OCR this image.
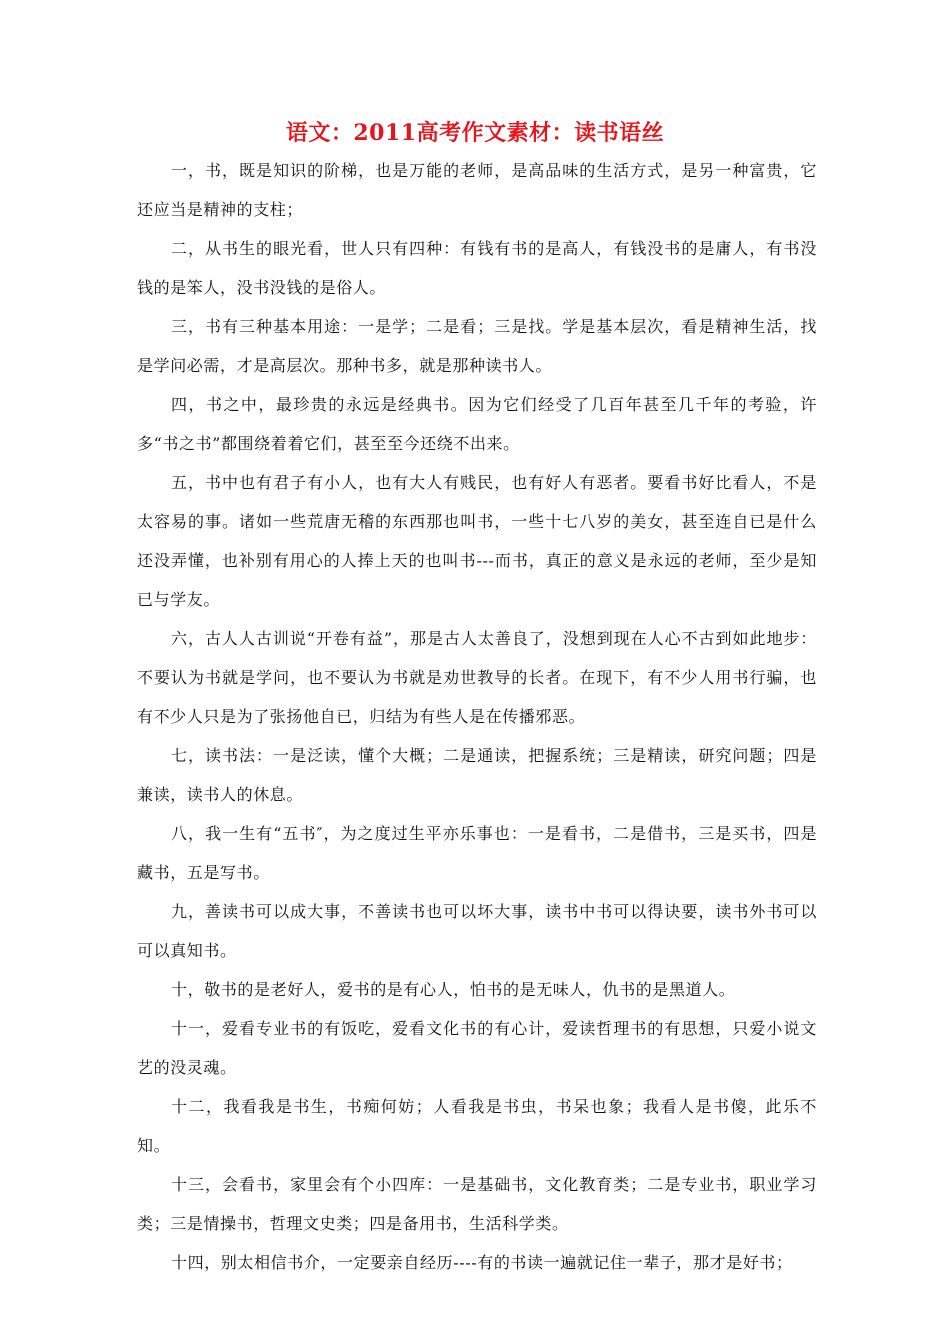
语文：2011高考作文素材：读书语丝

一，书，既是知识的阶梯，也是万能的老师，是高品味的生活方式，是另一种富贵，它还应当是精神的支柱；

二，从书生的眼光看，世人只有四种：有钱有书的是高人，有钱没书的是庸人，有书没钱的是笨人，没书没钱的是俗人。

三，书有三种基本用途：一是学；二是看；三是找。学是基本层次，看是精神生活，找是学问必需，才是高层次。那种书多，就是那种读书人。

四，书之中，最珍贵的永远是经典书。因为它们经受了几百年甚至几千年的考验，许多“书之书”都围绕着着它们，甚至至今还绕不出来。

五，书中也有君子有小人，也有大人有贱民，也有好人有恶者。要看书好比看人，不是太容易的事。诸如一些荒唐无稽的东西那也叫书，一些十七八岁的美女，甚至连自已是什么还没弄懂，也补别有用心的人捧上天的也叫书---而书，真正的意义是永远的老师，至少是知已与学友。

六，古人人古训说“开卷有益”，那是古人太善良了，没想到现在人心不古到如此地步：不要认为书就是学问，也不要认为书就是劝世教导的长者。在现下，有不少人用书行骗，也有不少人只是为了张扬他自已，归结为有些人是在传播邪恶。

七，读书法：一是泛读，懂个大概；二是通读，把握系统；三是精读，研究问题；四是兼读，读书人的休息。

八，我一生有“五书″，为之度过生平亦乐事也：一是看书，二是借书，三是买书，四是藏书，五是写书。

九，善读书可以成大事，不善读书也可以坏大事，读书中书可以得诀要，读书外书可以可以真知书。

十，敬书的是老好人，爱书的是有心人，怕书的是无味人，仇书的是黑道人。

十一，爱看专业书的有饭吃，爱看文化书的有心计，爱读哲理书的有思想，只爱小说文艺的没灵魂。

十二，我看我是书生，书痴何妨；人看我是书虫，书呆也象；我看人是书傻，此乐不知。

十三，会看书，家里会有个小四库：一是基础书，文化教育类；二是专业书，职业学习类；三是情操书，哲理文史类；四是备用书，生活科学类。

十四，别太相信书介，一定要亲自经历----有的书读一遍就记住一辈子，那才是好书；
